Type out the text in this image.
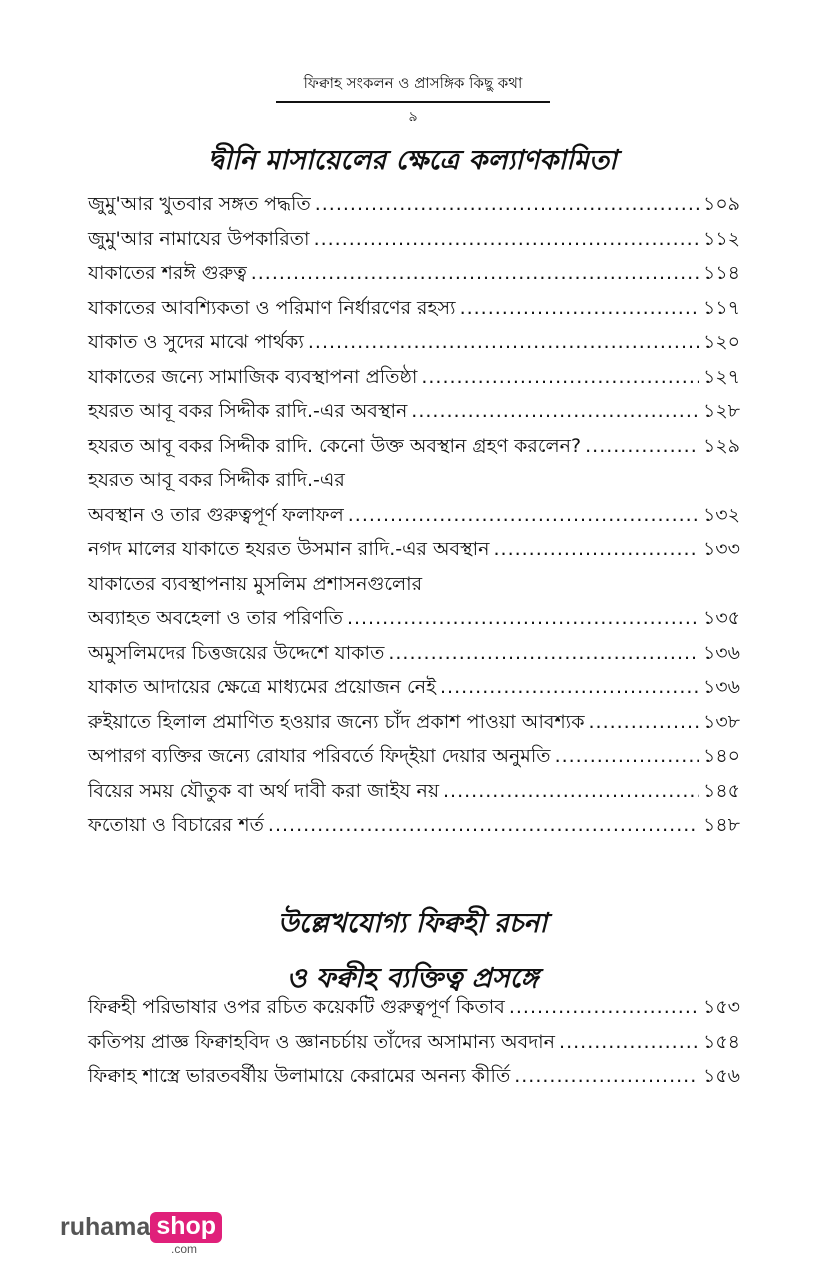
ফিক্বাহ সংকলন ও প্রাসঙ্গিক কিছু কথা
৯
দ্বীনি মাসায়েলের ক্ষেত্রে কল্যাণকামিতা
জুমু'আর খুতবার সঙ্গত পদ্ধতি .....	১০৯
জুমু'আর নামাযের উপকারিতা .....	১১২
যাকাতের শরঈ গুরুত্ব .....	১১৪
যাকাতের আবশ্যিকতা ও পরিমাণ নির্ধারণের রহস্য .....	১১৭
যাকাত ও সুদের মাঝে পার্থক্য .....	১২০
যাকাতের জন্যে সামাজিক ব্যবস্থাপনা প্রতিষ্ঠা .....	১২৭
হযরত আবূ বকর সিদ্দীক রাদি.-এর অবস্থান .....	১২৮
হযরত আবূ বকর সিদ্দীক রাদি. কেনো উক্ত অবস্থান গ্রহণ করলেন? .....	১২৯
হযরত আবূ বকর সিদ্দীক রাদি.-এর
অবস্থান ও তার গুরুত্বপূর্ণ ফলাফল .....	১৩২
নগদ মালের যাকাতে হযরত উসমান রাদি.-এর অবস্থান .....	১৩৩
যাকাতের ব্যবস্থাপনায় মুসলিম প্রশাসনগুলোর
অব্যাহত অবহেলা ও তার পরিণতি .....	১৩৫
অমুসলিমদের চিত্তজয়ের উদ্দেশে যাকাত .....	১৩৬
যাকাত আদায়ের ক্ষেত্রে মাধ্যমের প্রয়োজন নেই .....	১৩৬
রুইয়াতে হিলাল প্রমাণিত হওয়ার জন্যে চাঁদ প্রকাশ পাওয়া আবশ্যক .....	১৩৮
অপারগ ব্যক্তির জন্যে রোযার পরিবর্তে ফিদ্ইয়া দেয়ার অনুমতি .....	১৪০
বিয়ের সময় যৌতুক বা অর্থ দাবী করা জাইয নয় .....	১৪৫
ফতোয়া ও বিচারের শর্ত .....	১৪৮
উল্লেখযোগ্য ফিক্বহী রচনা
ও ফক্বীহ ব্যক্তিত্ব প্রসঙ্গে
ফিক্বহী পরিভাষার ওপর রচিত কয়েকটি গুরুত্বপূর্ণ কিতাব .....	১৫৩
কতিপয় প্রাজ্ঞ ফিক্বাহবিদ ও জ্ঞানচর্চায় তাঁদের অসামান্য অবদান .....	১৫৪
ফিক্বাহ শাস্ত্রে ভারতবর্ষীয় উলামায়ে কেরামের অনন্য কীর্তি .....	১৫৬
ruhama shop
.com
